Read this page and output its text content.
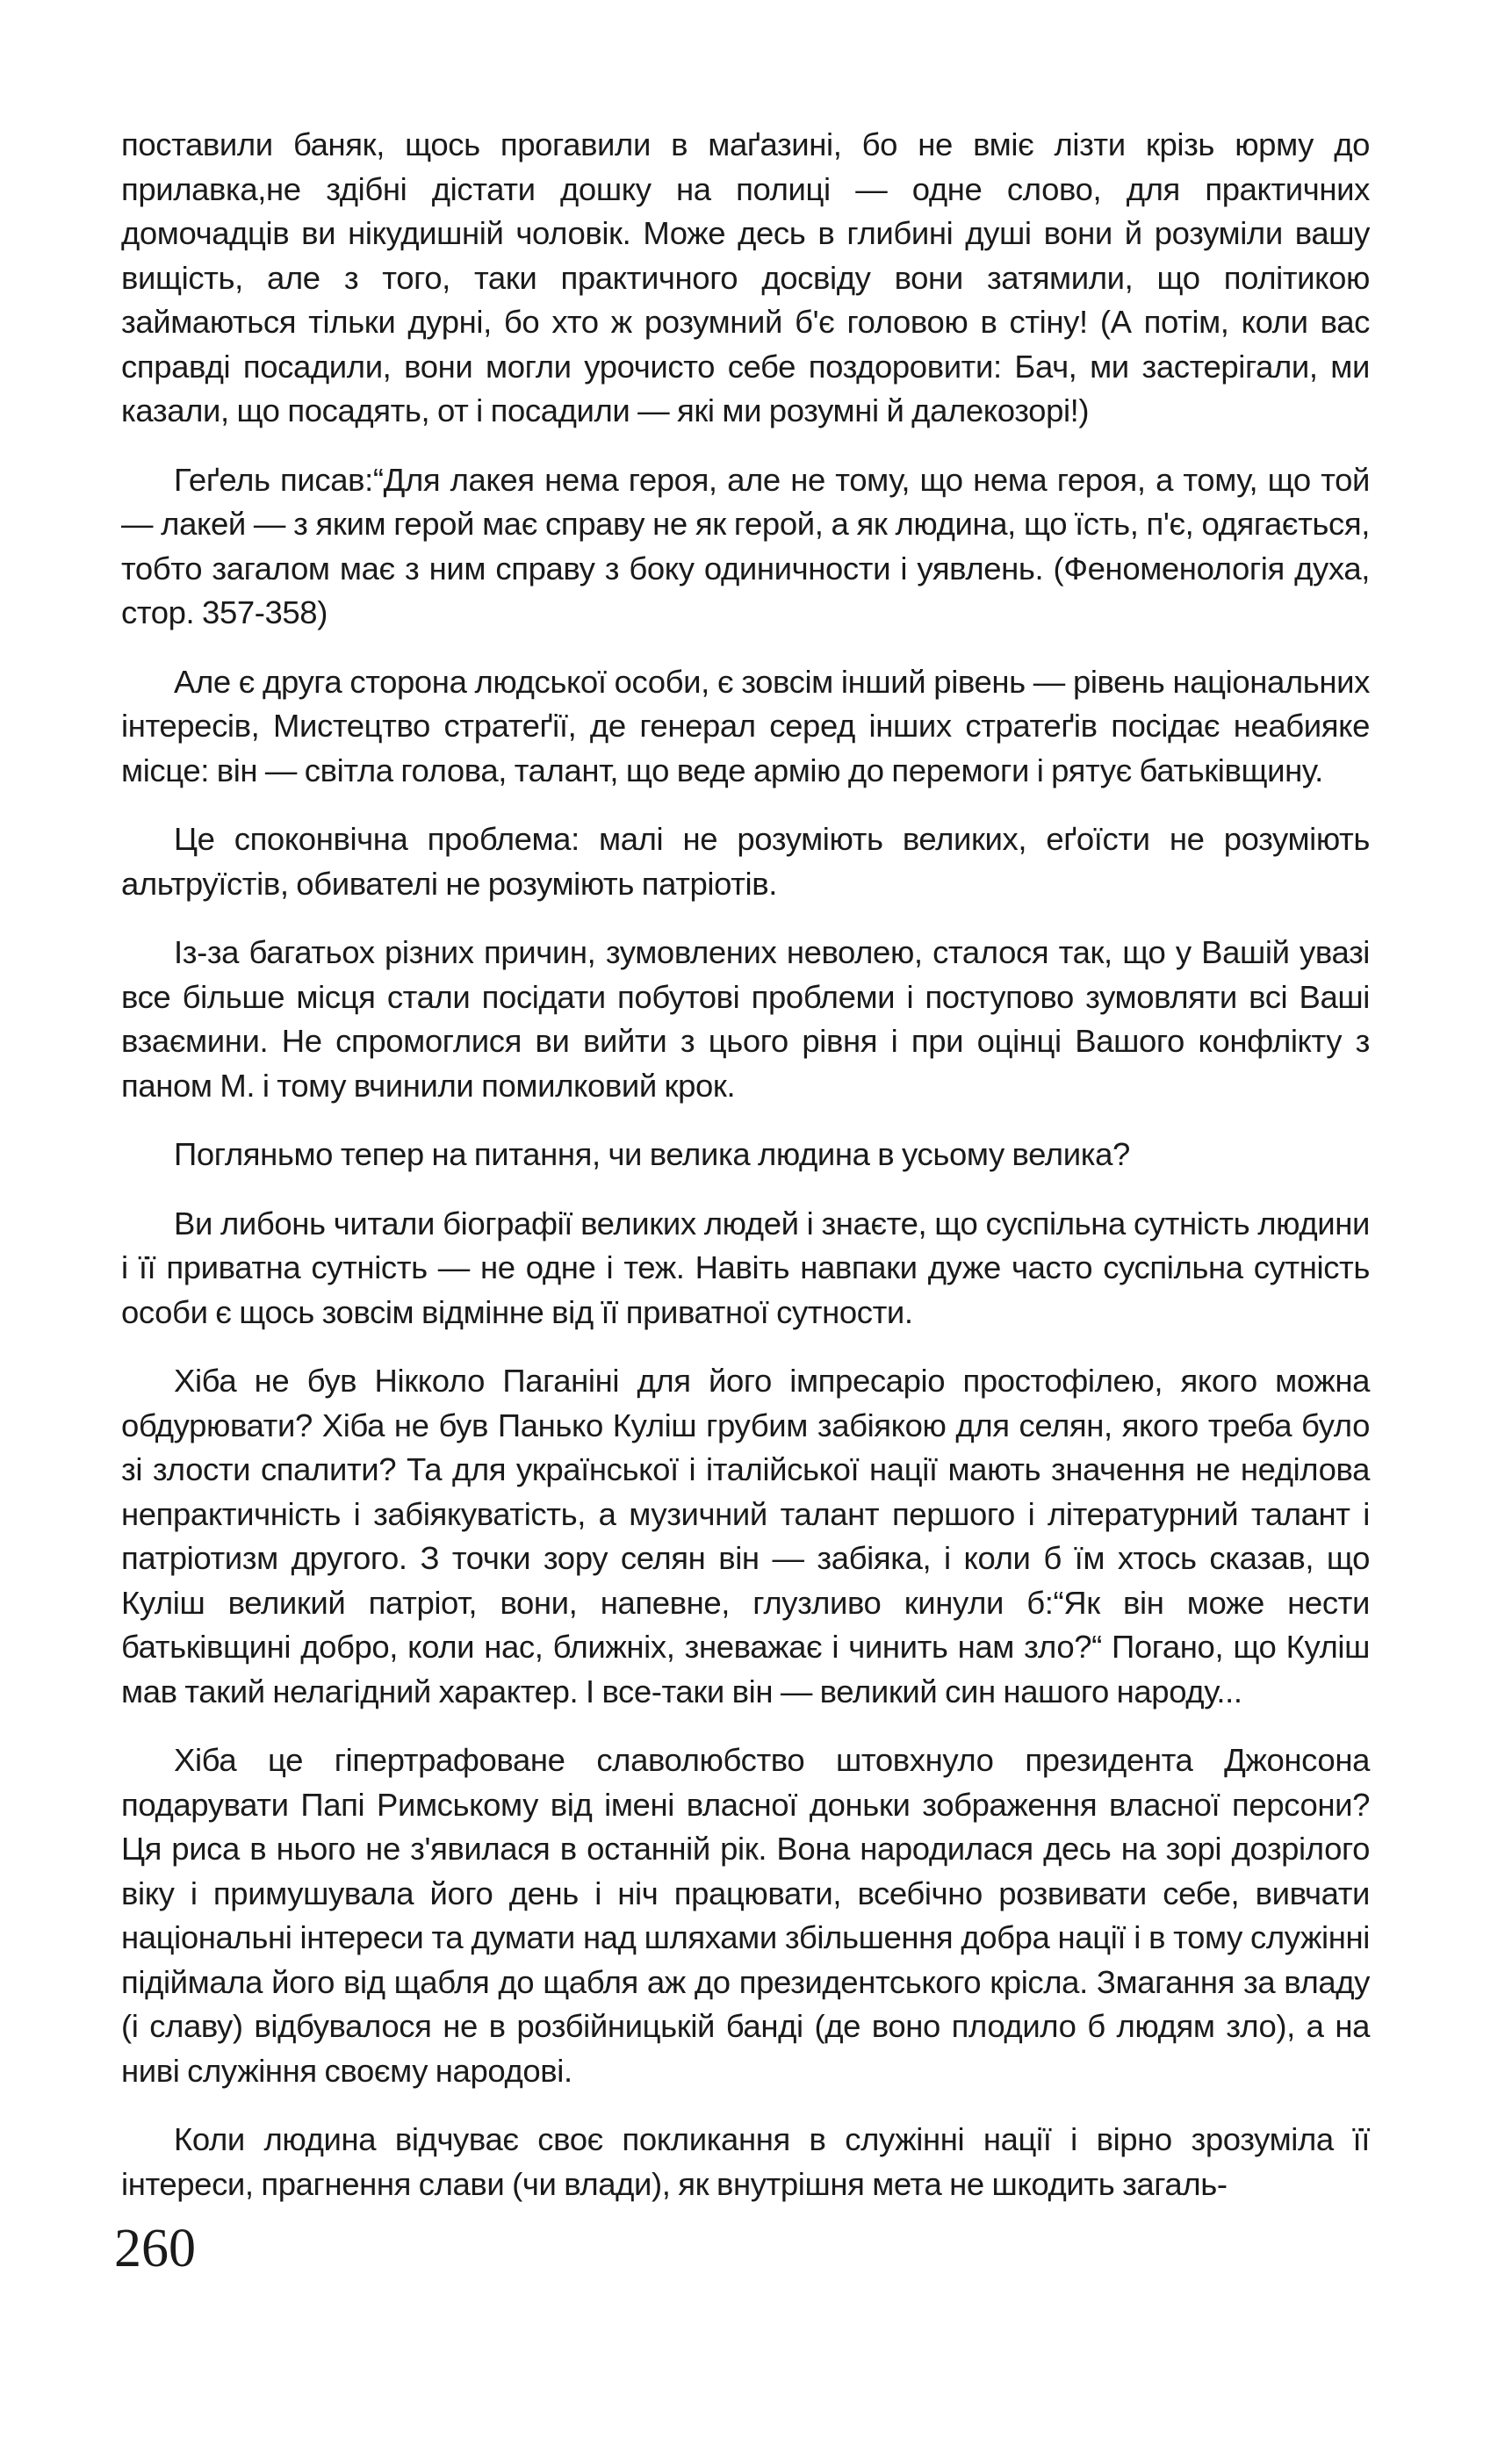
поставили баняк, щось прогавили в маґазині, бо не вміє лізти крізь юрму до прилавка,не здібні дістати дошку на полиці — одне слово, для практичних домочадців ви нікудишній чоловік. Може десь в глибині душі вони й розуміли вашу вищість, але з того, таки практичного досвіду вони затямили, що політикою займаються тільки дурні, бо хто ж розумний б'є головою в стіну! (А потім, коли вас справді посадили, вони могли урочисто себе поздоровити: Бач, ми застерігали, ми казали, що посадять, от і посадили — які ми розумні й далекозорі!)

Геґель писав:“Для лакея нема героя, але не тому, що нема героя, а тому, що той — лакей — з яким герой має справу не як герой, а як людина, що їсть, п'є, одягається, тобто загалом має з ним справу з боку одиничности і уявлень. (Феноменологія духа, стор. 357-358)

Але є друга сторона людської особи, є зовсім інший рівень — рівень національних інтересів, Мистецтво стратеґії, де генерал серед інших стратеґів посідає неабияке місце: він — світла голова, талант, що веде армію до перемоги і рятує батьківщину.

Це споконвічна проблема: малі не розуміють великих, еґоїсти не розуміють альтруїстів, обивателі не розуміють патріотів.

Із-за багатьох різних причин, зумовлених неволею, сталося так, що у Вашій увазі все більше місця стали посідати побутові проблеми і поступово зумовляти всі Ваші взаємини. Не спромоглися ви вийти з цього рівня і при оцінці Вашого конфлікту з паном М. і тому вчинили помилковий крок.

Погляньмо тепер на питання, чи велика людина в усьому велика?

Ви либонь читали біографії великих людей і знаєте, що суспільна сутність людини і її приватна сутність — не одне і теж. Навіть навпаки дуже часто суспільна сутність особи є щось зовсім відмінне від її приватної сутности.

Хіба не був Нікколо Паганіні для його імпресаріо простофілею, якого можна обдурювати? Хіба не був Панько Куліш грубим забіякою для селян, якого треба було зі злости спалити? Та для української і італійської нації мають значення не неділова непрактичність і забіякуватість, а музичний талант першого і літературний талант і патріотизм другого. З точки зору селян він — забіяка, і коли б їм хтось сказав, що Куліш великий патріот, вони, напевне, глузливо кинули б:“Як він може нести батьківщині добро, коли нас, ближніх, зневажає і чинить нам зло?“ Погано, що Куліш мав такий нелагідний характер. І все-таки він — великий син нашого народу...

Хіба це гіпертрафоване славолюбство штовхнуло президента Джонсона подарувати Папі Римському від імені власної доньки зображення власної персони? Ця риса в нього не з'явилася в останній рік. Вона народилася десь на зорі дозрілого віку і примушувала його день і ніч працювати, всебічно розвивати себе, вивчати національні інтереси та думати над шляхами збільшення добра нації і в тому служінні підіймала його від щабля до щабля аж до президентського крісла. Змагання за владу (і славу) відбувалося не в розбійницькій банді (де воно плодило б людям зло), а на ниві служіння своєму народові.

Коли людина відчуває своє покликання в служінні нації і вірно зрозуміла її інтереси, прагнення слави (чи влади), як внутрішня мета не шкодить загаль-

260
